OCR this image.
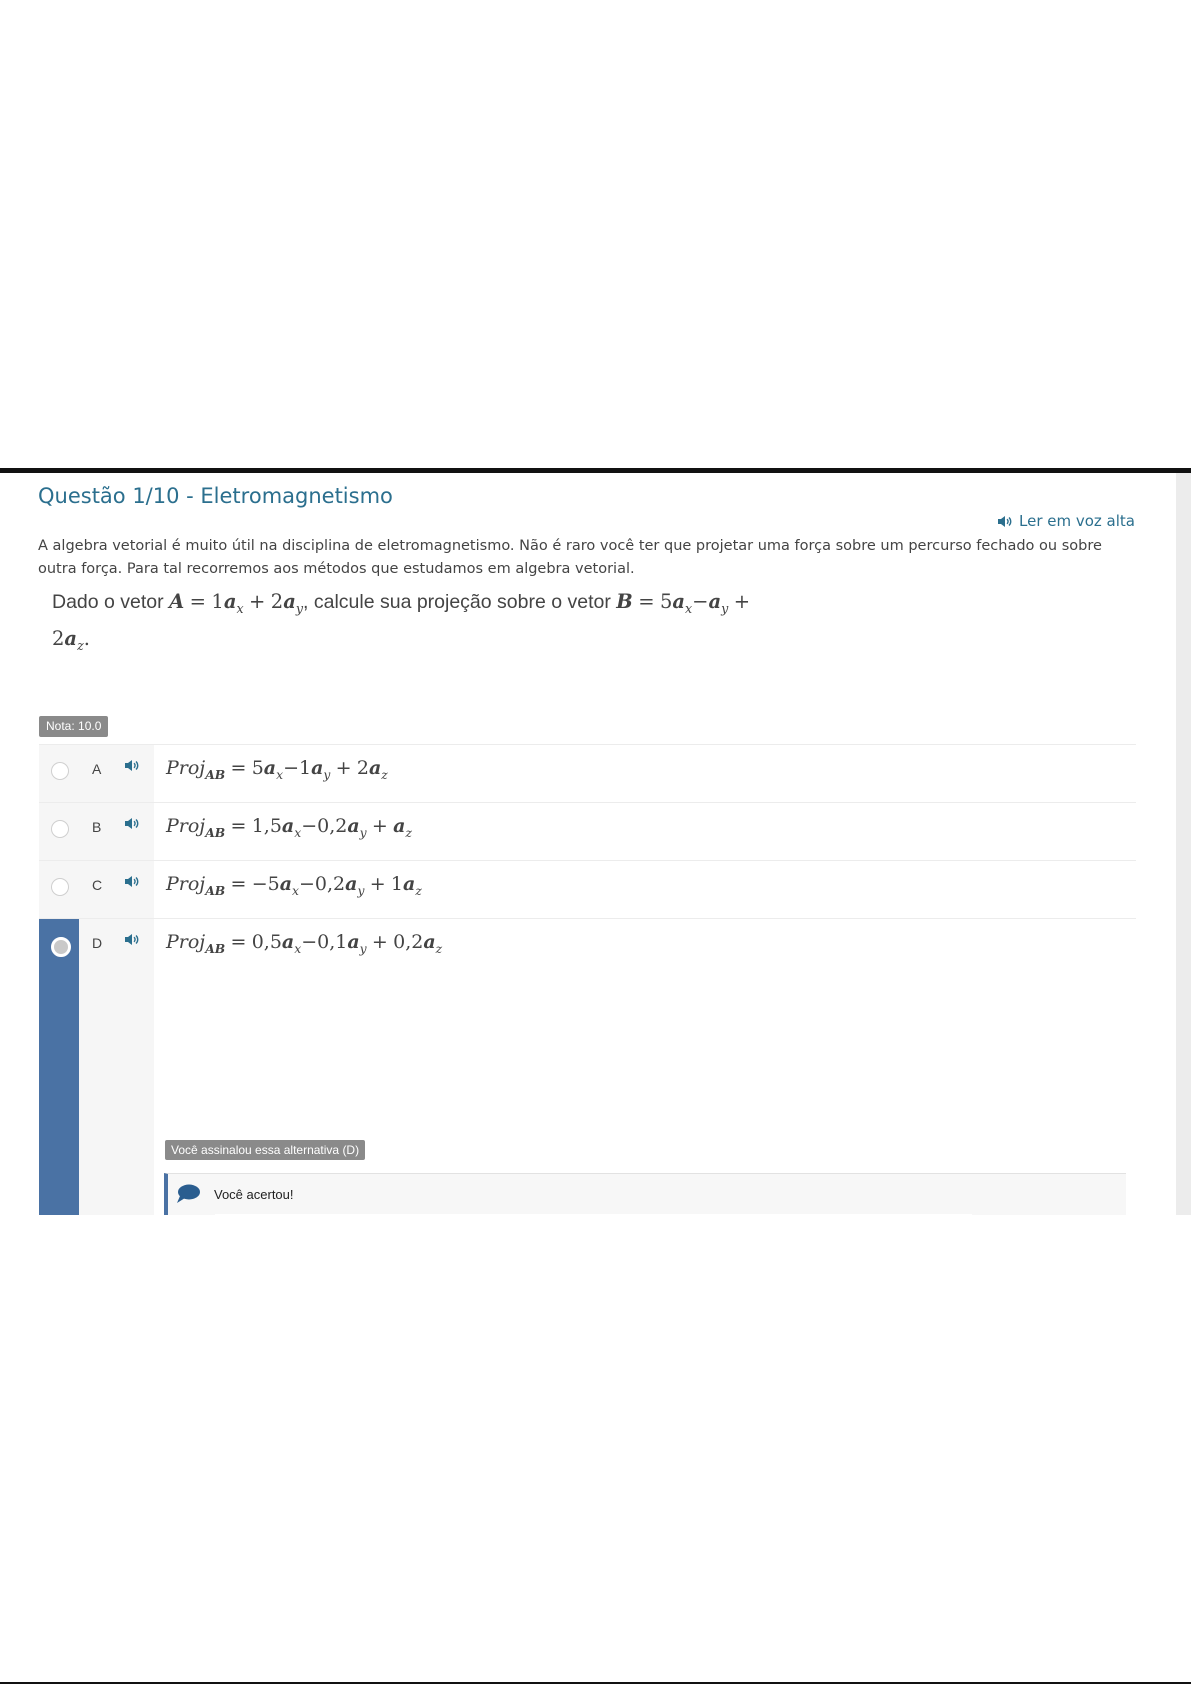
Questão 1/10 - Eletromagnetismo
Ler em voz alta
A algebra vetorial é muito útil na disciplina de eletromagnetismo. Não é raro você ter que projetar uma força sobre um percurso fechado ou sobre outra força. Para tal recorremos aos métodos que estudamos em algebra vetorial.
Dado o vetor $A = 1a_x + 2a_y$, calcule sua projeção sobre o vetor $B = 5a_x-a_y$ +
$2a_z$.
Nota: 10.0
A	Proj$_{AB}$ = $5a_x-1a_y + 2a_z$
B	Proj$_{AB}$ = $1,5a_x-0,2a_y + a_z$
C	Proj$_{AB}$ = $-5a_x-0,2a_y + 1a_z$
D	Proj$_{AB}$ = $0,5a_x-0,1a_y + 0,2a_z$
Você assinalou essa alternativa (D)
Você acertou!
